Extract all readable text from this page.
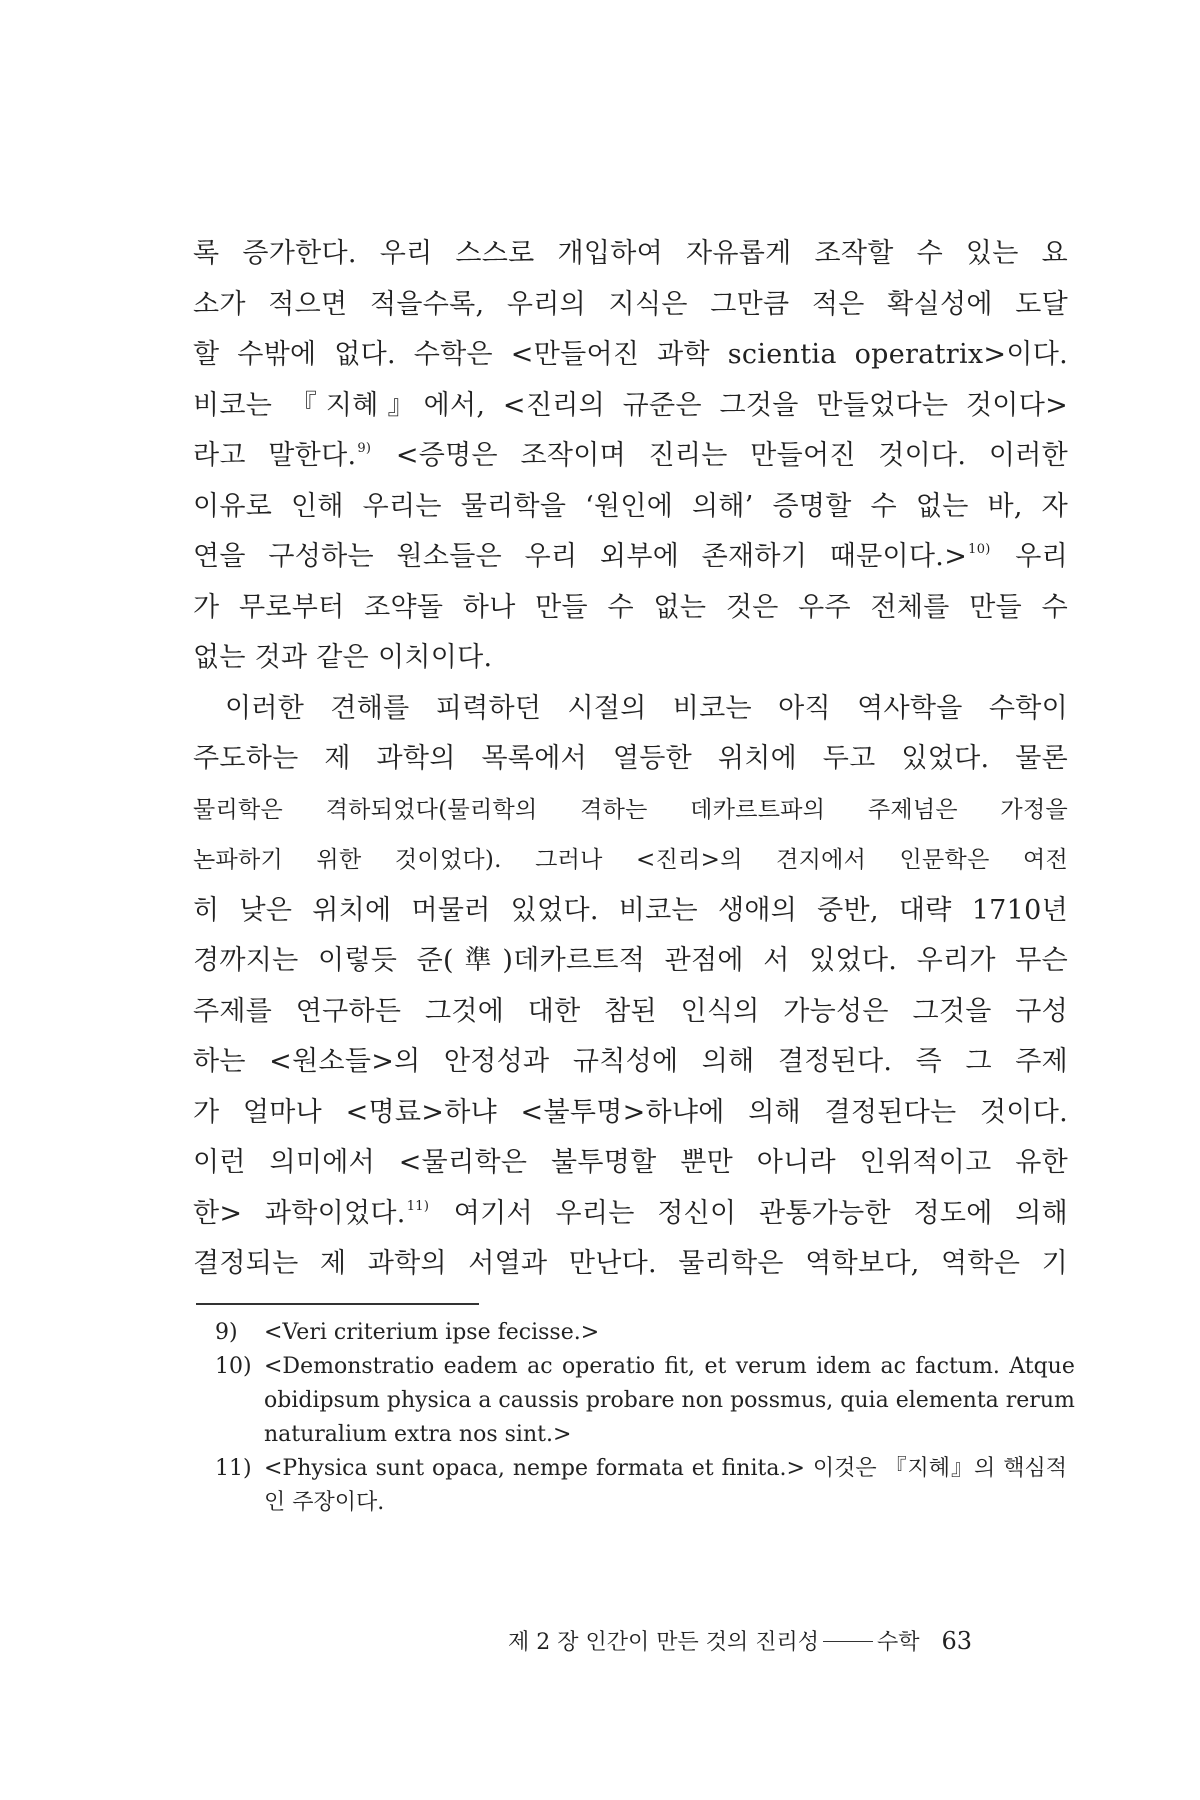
록 증가한다. 우리 스스로 개입하여 자유롭게 조작할 수 있는 요
소가 적으면 적을수록, 우리의 지식은 그만큼 적은 확실성에 도달
할 수밖에 없다. 수학은 <만들어진 과학 scientia operatrix>이다.
비코는 『지혜』에서, <진리의 규준은 그것을 만들었다는 것이다>
라고 말한다.$^{9)}$ <증명은 조작이며 진리는 만들어진 것이다. 이러한
이유로 인해 우리는 물리학을 ‘원인에 의해’ 증명할 수 없는 바, 자
연을 구성하는 원소들은 우리 외부에 존재하기 때문이다.>$^{10)}$ 우리
가 무로부터 조약돌 하나 만들 수 없는 것은 우주 전체를 만들 수
없는 것과 같은 이치이다.
이러한 견해를 피력하던 시절의 비코는 아직 역사학을 수학이
주도하는 제 과학의 목록에서 열등한 위치에 두고 있었다. 물론
물리학은 격하되었다(물리학의 격하는 데카르트파의 주제넘은 가정을
논파하기 위한 것이었다). 그러나 <진리>의 견지에서 인문학은 여전
히 낮은 위치에 머물러 있었다. 비코는 생애의 중반, 대략 1710년
경까지는 이렇듯 준(準)데카르트적 관점에 서 있었다. 우리가 무슨
주제를 연구하든 그것에 대한 참된 인식의 가능성은 그것을 구성
하는 <원소들>의 안정성과 규칙성에 의해 결정된다. 즉 그 주제
가 얼마나 <명료>하냐 <불투명>하냐에 의해 결정된다는 것이다.
이런 의미에서 <물리학은 불투명할 뿐만 아니라 인위적이고 유한
한> 과학이었다.$^{11)}$ 여기서 우리는 정신이 관통가능한 정도에 의해
결정되는 제 과학의 서열과 만난다. 물리학은 역학보다, 역학은 기
9)	<Veri criterium ipse fecisse.>
10) <Demonstratio eadem ac operatio fit, et verum idem ac factum. Atque
obidipsum physica a caussis probare non possmus, quia elementa rerum
naturalium extra nos sint.>
11) <Physica sunt opaca, nempe formata et finita.> 이것은 『지혜』의 핵심적
인 주장이다.
제 2 장 인간이 만든 것의 진리성	수학 63
